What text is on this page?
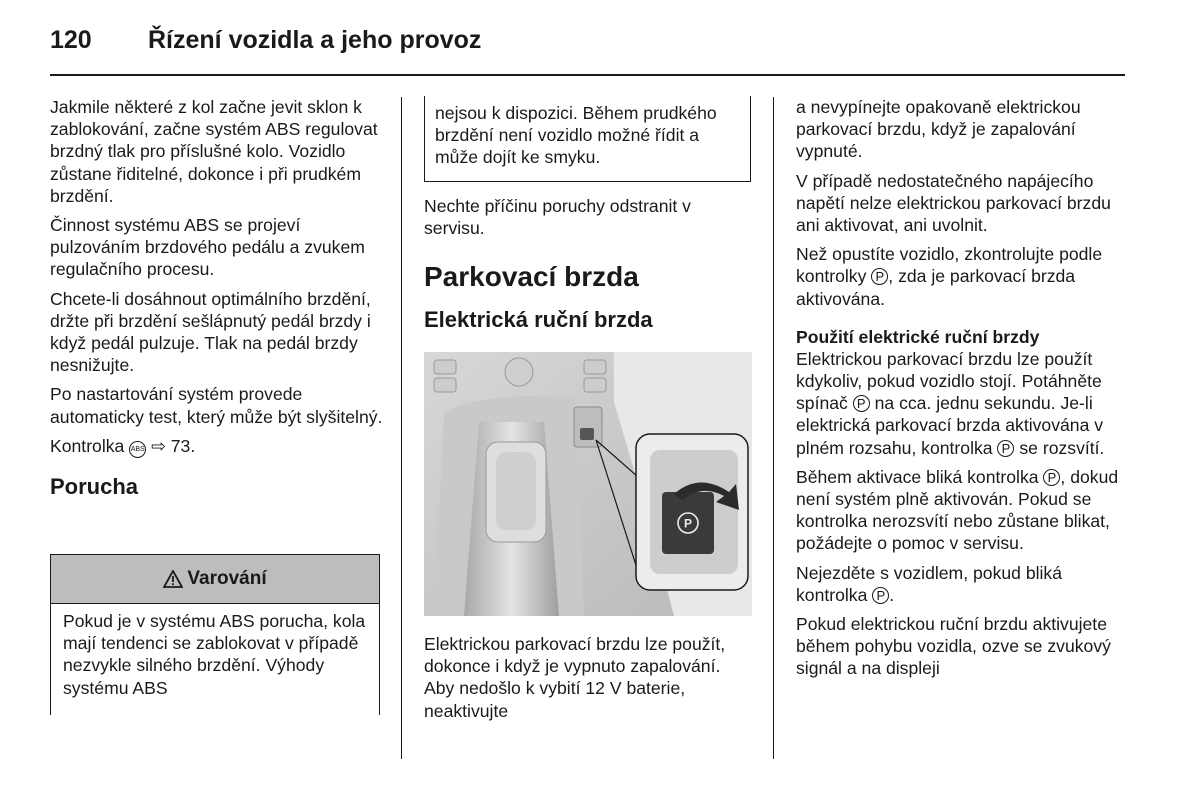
120 Řízení vozidla a jeho provoz

Jakmile některé z kol začne jevit sklon k zablokování, začne systém ABS regulovat brzdný tlak pro příslušné kolo. Vozidlo zůstane řiditelné, dokonce i při prudkém brzdění.

Činnost systému ABS se projeví pulzováním brzdového pedálu a zvukem regulačního procesu.

Chcete-li dosáhnout optimálního brzdění, držte při brzdění sešlápnutý pedál brzdy i když pedál pulzuje. Tlak na pedál brzdy nesnižujte.

Po nastartování systém provede automaticky test, který může být slyšitelný.

Kontrolka ABS ⇨ 73.

Porucha
Varování
Pokud je v systému ABS porucha, kola mají tendenci se zablokovat v případě nezvykle silného brzdění. Výhody systému ABS

nejsou k dispozici. Během prudkého brzdění není vozidlo možné řídit a může dojít ke smyku.

Nechte příčinu poruchy odstranit v servisu.

Parkovací brzda
Elektrická ruční brzda
P

Elektrickou parkovací brzdu lze použít, dokonce i když je vypnuto zapalování. Aby nedošlo k vybití 12 V baterie, neaktivujte

a nevypínejte opakovaně elektrickou parkovací brzdu, když je zapalování vypnuté.

V případě nedostatečného napájecího napětí nelze elektrickou parkovací brzdu ani aktivovat, ani uvolnit.

Než opustíte vozidlo, zkontrolujte podle kontrolky P , zda je parkovací brzda aktivována.

Použití elektrické ruční brzdy

Elektrickou parkovací brzdu lze použít kdykoliv, pokud vozidlo stojí. Potáhněte spínač P na cca. jednu sekundu. Je-li elektrická parkovací brzda aktivována v plném rozsahu, kontrolka P se rozsvítí.

Během aktivace bliká kontrolka P , dokud není systém plně aktivován. Pokud se kontrolka nerozsvítí nebo zůstane blikat, požádejte o pomoc v servisu.

Nejezděte s vozidlem, pokud bliká kontrolka P .

Pokud elektrickou ruční brzdu aktivujete během pohybu vozidla, ozve se zvukový signál a na displeji
